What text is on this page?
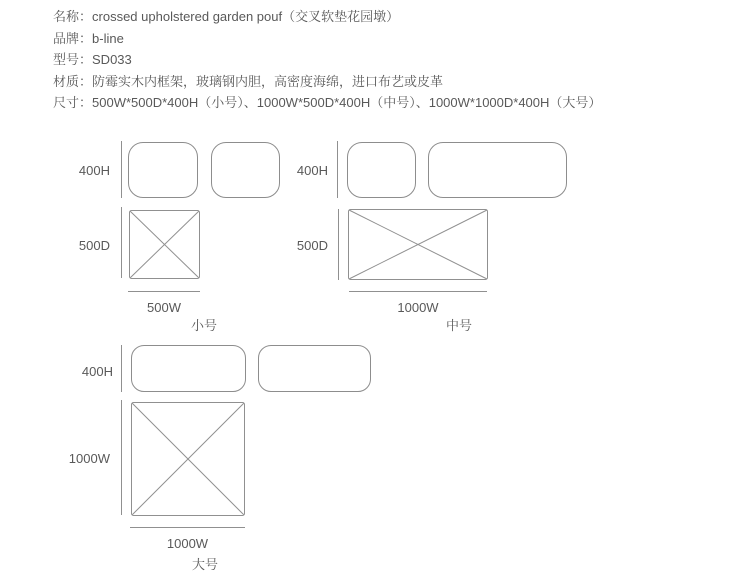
名称：crossed upholstered garden pouf（交叉软垫花园墩）
品牌：b-line
型号：SD033
材质：防霉实木内框架，玻璃钢内胆，高密度海绵，进口布艺或皮革
尺寸：500W*500D*400H（小号）、1000W*500D*400H（中号）、1000W*1000D*400H（大号）
400H
500D
500W
小号
400H
500D
1000W
中号
400H
1000W
1000W
大号
